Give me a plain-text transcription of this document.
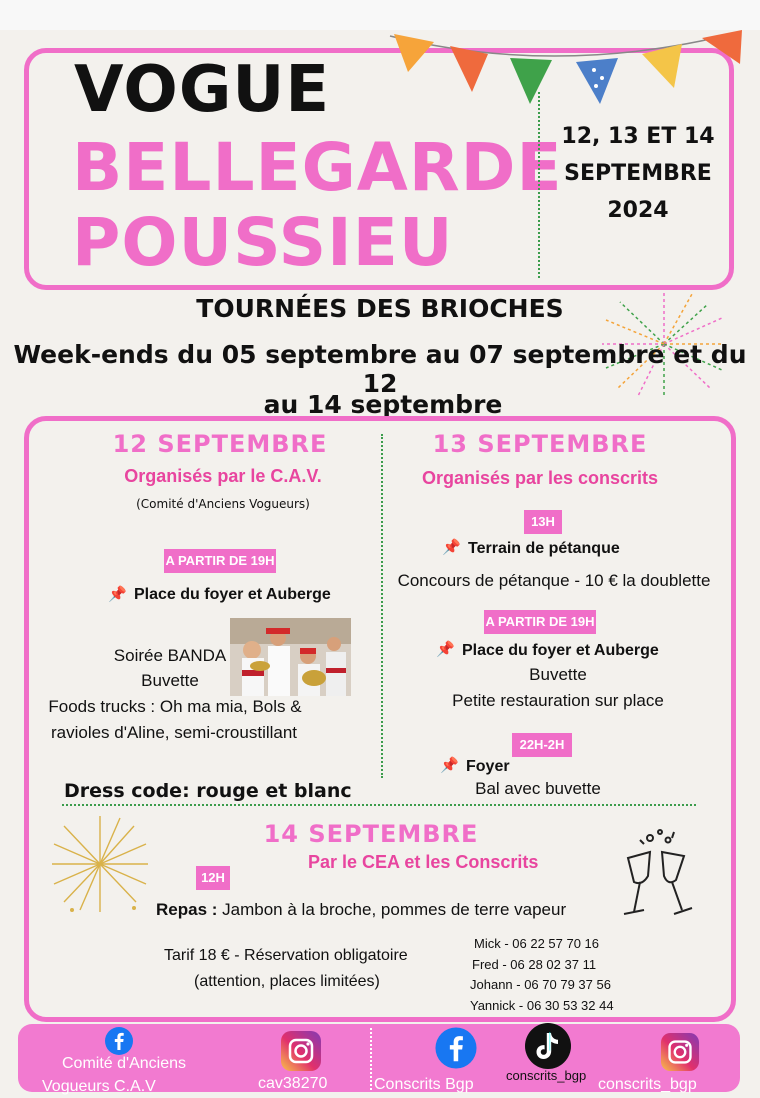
VOGUE
BELLEGARDE
POUSSIEU
12, 13 ET 14
SEPTEMBRE
2024
TOURNÉES DES BRIOCHES
Week-ends du 05 septembre au 07 septembre et du 12
au 14 septembre
12 SEPTEMBRE
Organisés par le C.A.V.
(Comité d'Anciens Vogueurs)
A PARTIR DE 19H
📌 Place du foyer et Auberge
Soirée BANDA
Buvette
Foods trucks : Oh ma mia, Bols &
ravioles d'Aline, semi-croustillant
Dress code: rouge et blanc
13 SEPTEMBRE
Organisés par les conscrits
13H
📌 Terrain de pétanque
Concours de pétanque - 10 € la doublette
A PARTIR DE 19H
📌 Place du foyer et Auberge
Buvette
Petite restauration sur place
22H-2H
📌 Foyer
Bal avec buvette
14 SEPTEMBRE
Par le CEA et les Conscrits
12H
Repas : Jambon à la broche, pommes de terre vapeur
Tarif 18 € - Réservation obligatoire
(attention, places limitées)
Mick - 06 22 57 70 16
Fred - 06 28 02 37 11
Johann - 06 70 79 37 56
Yannick - 06 30 53 32 44
Comité d'Anciens
Vogueurs C.A.V	cav38270	Conscrits Bgp
conscrits_bgp
conscrits_bgp
